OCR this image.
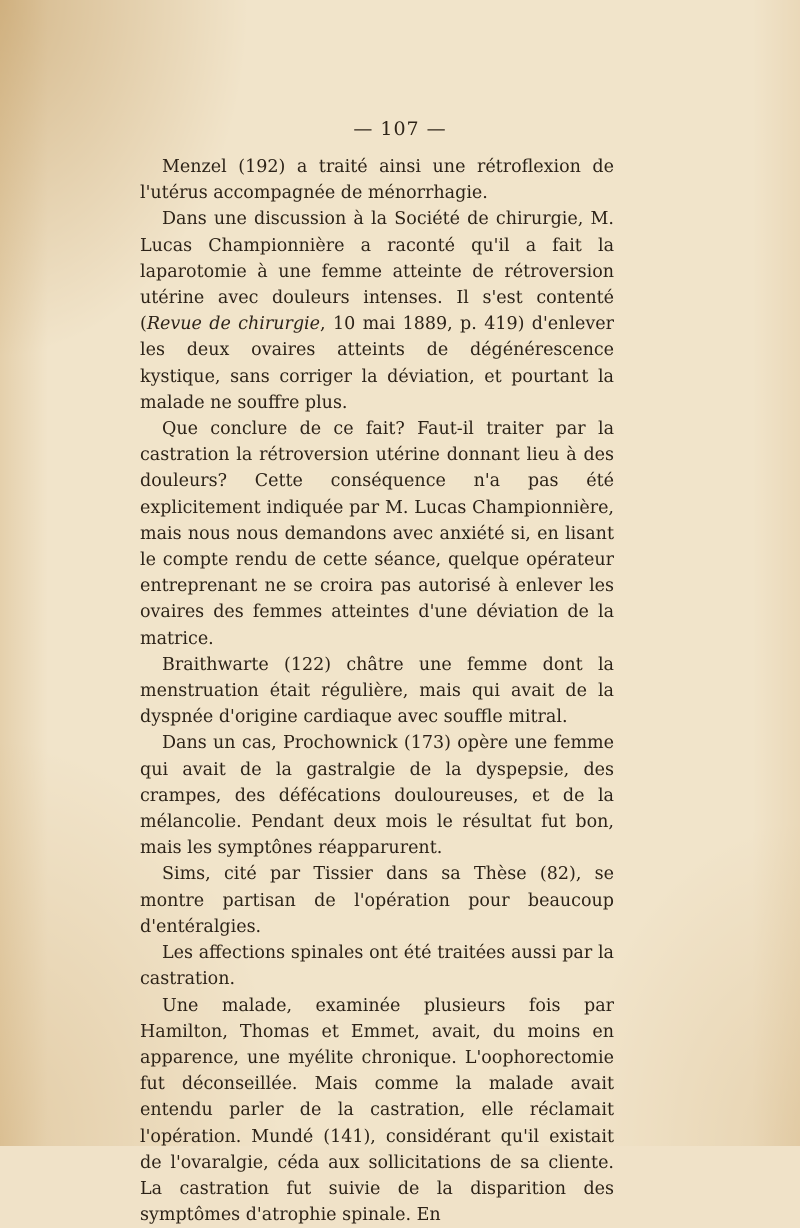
— 107 —

Menzel (192) a traité ainsi une rétroflexion de l'utérus accompagnée de ménorrhagie.

Dans une discussion à la Société de chirurgie, M. Lucas Championnière a raconté qu'il a fait la laparotomie à une femme atteinte de rétroversion utérine avec douleurs intenses. Il s'est contenté (Revue de chirurgie, 10 mai 1889, p. 419) d'enlever les deux ovaires atteints de dégénérescence kystique, sans corriger la déviation, et pourtant la malade ne souffre plus.

Que conclure de ce fait? Faut-il traiter par la castration la rétroversion utérine donnant lieu à des douleurs? Cette conséquence n'a pas été explicitement indiquée par M. Lucas Championnière, mais nous nous demandons avec anxiété si, en lisant le compte rendu de cette séance, quelque opérateur entreprenant ne se croira pas autorisé à enlever les ovaires des femmes atteintes d'une déviation de la matrice.

Braithwarte (122) châtre une femme dont la menstruation était régulière, mais qui avait de la dyspnée d'origine cardiaque avec souffle mitral.

Dans un cas, Prochownick (173) opère une femme qui avait de la gastralgie de la dyspepsie, des crampes, des défécations douloureuses, et de la mélancolie. Pendant deux mois le résultat fut bon, mais les symptônes réapparurent.

Sims, cité par Tissier dans sa Thèse (82), se montre partisan de l'opération pour beaucoup d'entéralgies.

Les affections spinales ont été traitées aussi par la castration.

Une malade, examinée plusieurs fois par Hamilton, Thomas et Emmet, avait, du moins en apparence, une myélite chronique. L'oophorectomie fut déconseillée. Mais comme la malade avait entendu parler de la castration, elle réclamait l'opération. Mundé (141), considérant qu'il existait de l'ovaralgie, céda aux sollicitations de sa cliente. La castration fut suivie de la disparition des symptômes d'atrophie spinale. En
